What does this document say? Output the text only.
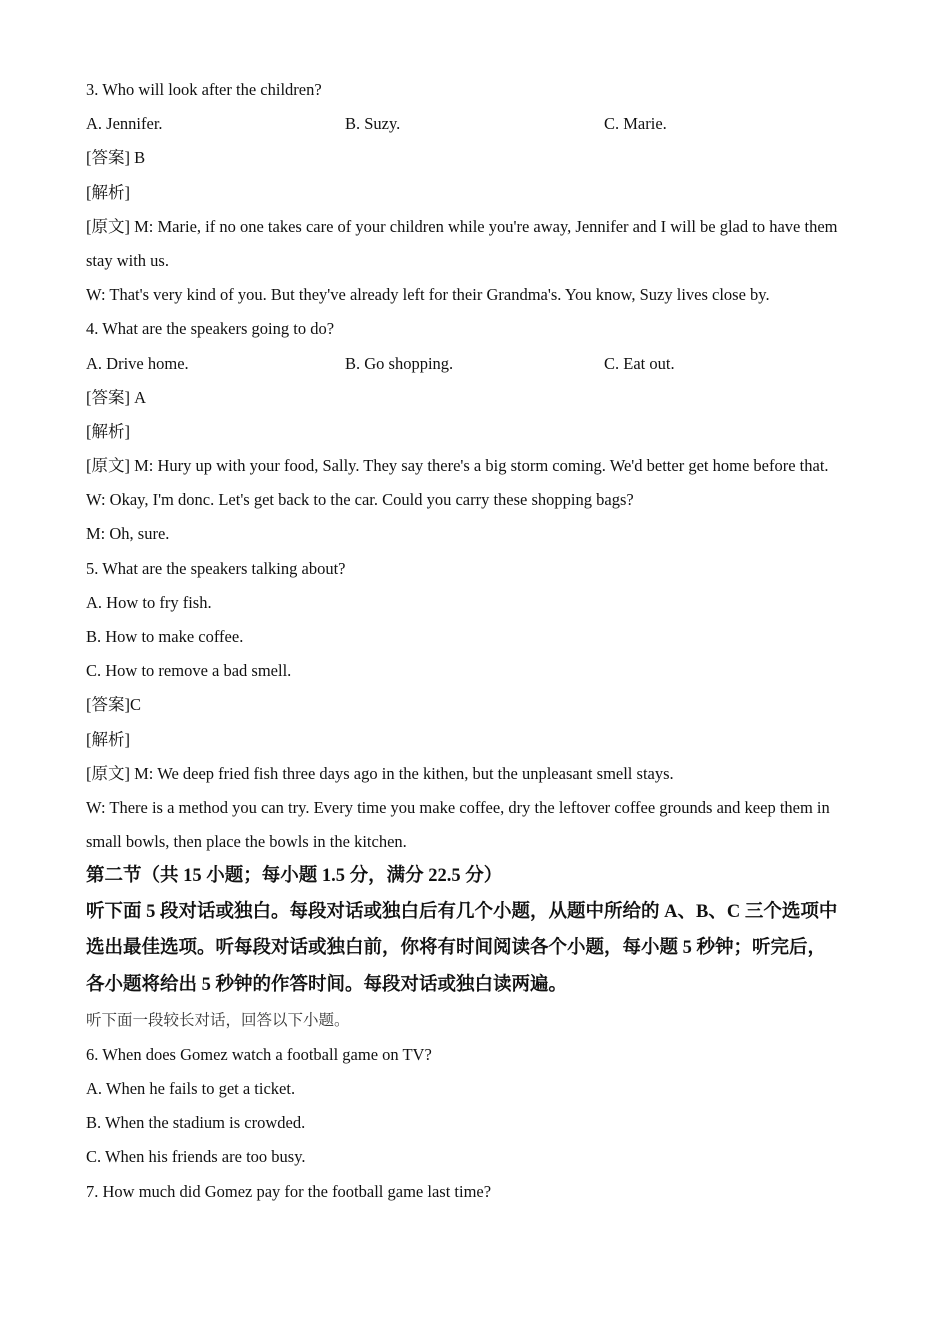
3. Who will look after the children?
A. Jennifer.	B. Suzy.	C. Marie.
[答案] B
[解析]
[原文] M: Marie, if no one takes care of your children while you're away, Jennifer and I will be glad to have them
stay with us.
W: That's very kind of you. But they've already left for their Grandma's. You know, Suzy lives close by.
4. What are the speakers going to do?
A. Drive home.	B. Go shopping.	C. Eat out.
[答案] A
[解析]
[原文] M: Hury up with your food, Sally. They say there's a big storm coming. We'd better get home before that.
W: Okay, I'm donc. Let's get back to the car. Could you carry these shopping bags?
M: Oh, sure.
5. What are the speakers talking about?
A. How to fry fish.
B. How to make coffee.
C. How to remove a bad smell.
[答案]C
[解析]
[原文] M: We deep fried fish three days ago in the kithen, but the unpleasant smell stays.
W: There is a method you can try. Every time you make coffee, dry the leftover coffee grounds and keep them in
small bowls, then place the bowls in the kitchen.
第二节（共 15 小题；每小题 1.5 分，满分 22.5 分）
听下面 5 段对话或独白。每段对话或独白后有几个小题，从题中所给的 A、B、C 三个选项中
选出最佳选项。听每段对话或独白前，你将有时间阅读各个小题，每小题 5 秒钟；听完后，
各小题将给出 5 秒钟的作答时间。每段对话或独白读两遍。
听下面一段较长对话，回答以下小题。
6. When does Gomez watch a football game on TV?
A. When he fails to get a ticket.
B. When the stadium is crowded.
C. When his friends are too busy.
7. How much did Gomez pay for the football game last time?
